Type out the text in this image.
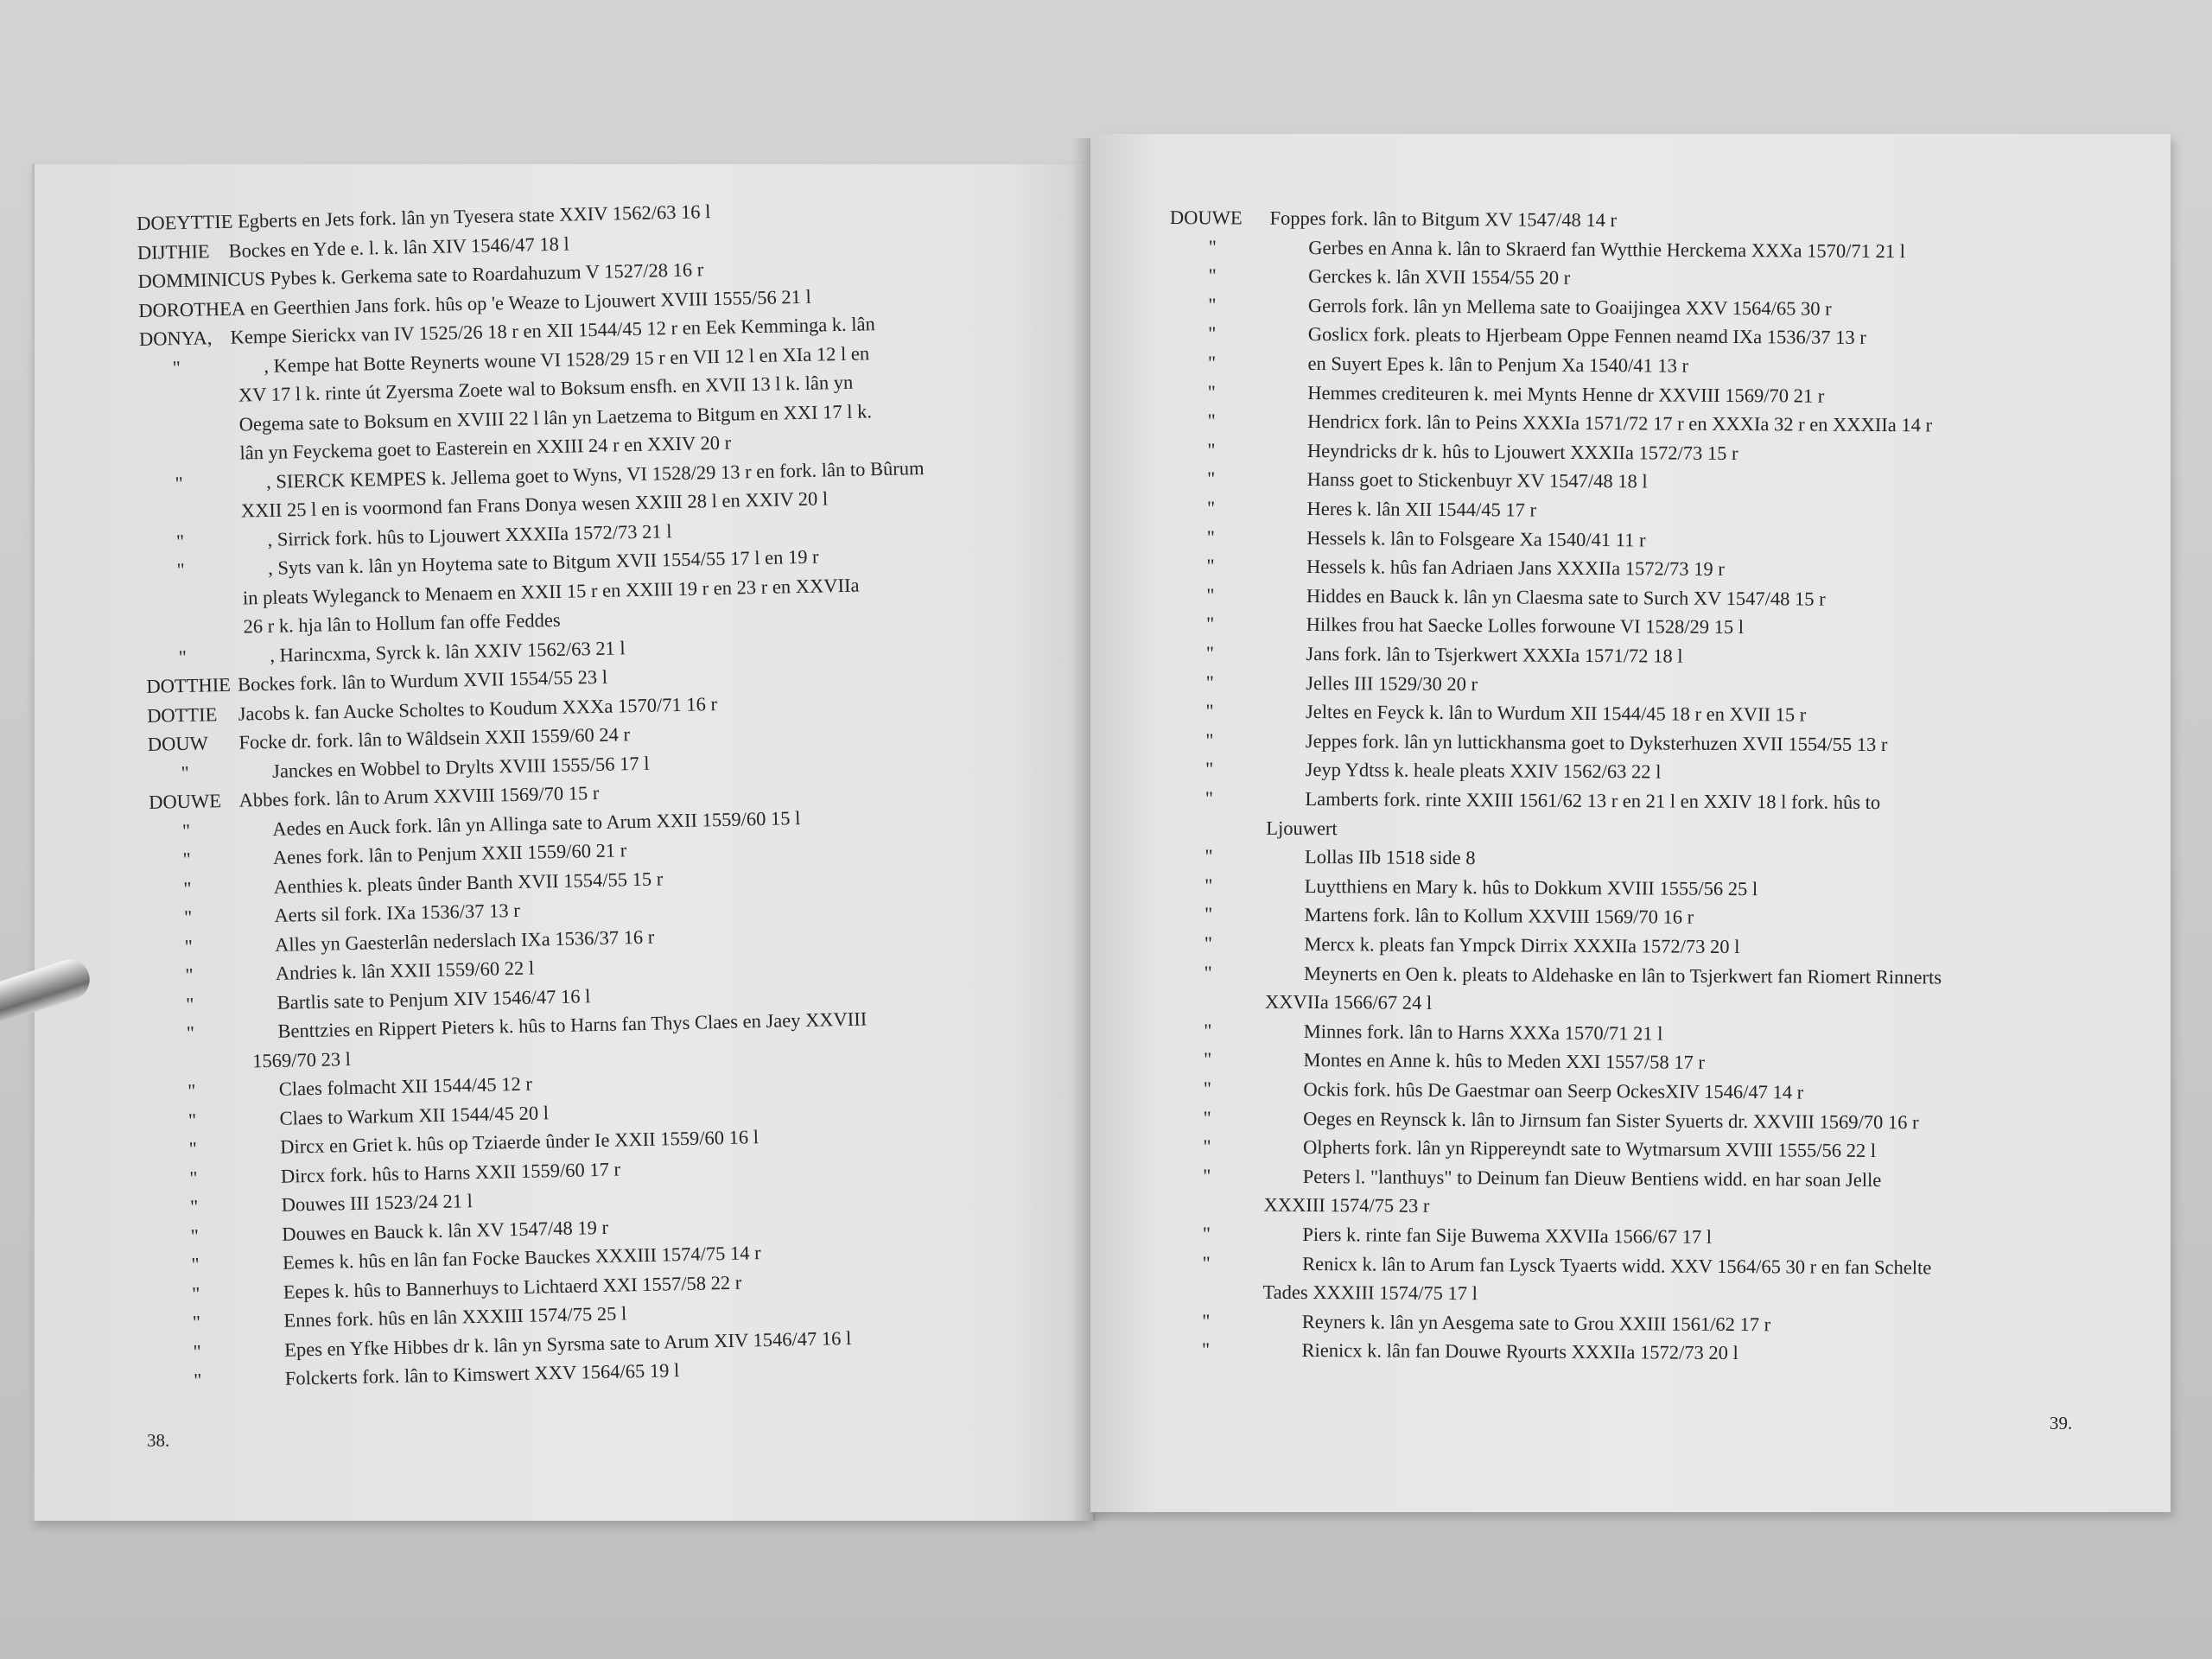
DOEYTTIE Egberts en Jets fork. lân yn Tyesera state XXIV 1562/63 16 l
DIJTHIE Bockes en Yde e. l. k. lân XIV 1546/47 18 l
DOMMINICUS Pybes k. Gerkema sate to Roardahuzum V 1527/28 16 r
DOROTHEA en Geerthien Jans fork. hûs op 'e Weaze to Ljouwert XVIII 1555/56 21 l
DONYA, Kempe Sierickx van IV 1525/26 18 r en XII 1544/45 12 r en Eek Kemminga k. lân
"	, Kempe hat Botte Reynerts woune VI 1528/29 15 r en VII 12 l en XIa 12 l en
XV 17 l k. rinte út Zyersma Zoete wal to Boksum ensfh. en XVII 13 l k. lân yn
Oegema sate to Boksum en XVIII 22 l lân yn Laetzema to Bitgum en XXI 17 l k.
lân yn Feyckema goet to Easterein en XXIII 24 r en XXIV 20 r
"	, SIERCK KEMPES k. Jellema goet to Wyns, VI 1528/29 13 r en fork. lân to Bûrum
XXII 25 l en is voormond fan Frans Donya wesen XXIII 28 l en XXIV 20 l
"	, Sirrick fork. hûs to Ljouwert XXXIIa 1572/73 21 l
"	, Syts van k. lân yn Hoytema sate to Bitgum XVII 1554/55 17 l en 19 r
in pleats Wyleganck to Menaem en XXII 15 r en XXIII 19 r en 23 r en XXVIIa
26 r k. hja lân to Hollum fan offe Feddes
"	, Harincxma, Syrck k. lân XXIV 1562/63 21 l
DOTTHIE Bockes fork. lân to Wurdum XVII 1554/55 23 l
DOTTIE Jacobs k. fan Aucke Scholtes to Koudum XXXa 1570/71 16 r
DOUW Focke dr. fork. lân to Wâldsein XXII 1559/60 24 r
"	Janckes en Wobbel to Drylts XVIII 1555/56 17 l
DOUWE Abbes fork. lân to Arum XXVIII 1569/70 15 r
"	Aedes en Auck fork. lân yn Allinga sate to Arum XXII 1559/60 15 l
"	Aenes fork. lân to Penjum XXII 1559/60 21 r
"	Aenthies k. pleats ûnder Banth XVII 1554/55 15 r
"	Aerts sil fork. IXa 1536/37 13 r
"	Alles yn Gaesterlân nederslach IXa 1536/37 16 r
"	Andries k. lân XXII 1559/60 22 l
"	Bartlis sate to Penjum XIV 1546/47 16 l
"	Benttzies en Rippert Pieters k. hûs to Harns fan Thys Claes en Jaey XXVIII
1569/70 23 l
"	Claes folmacht XII 1544/45 12 r
"	Claes to Warkum XII 1544/45 20 l
"	Dircx en Griet k. hûs op Tziaerde ûnder Ie XXII 1559/60 16 l
"	Dircx fork. hûs to Harns XXII 1559/60 17 r
"	Douwes III 1523/24 21 l
"	Douwes en Bauck k. lân XV 1547/48 19 r
"	Eemes k. hûs en lân fan Focke Bauckes XXXIII 1574/75 14 r
"	Eepes k. hûs to Bannerhuys to Lichtaerd XXI 1557/58 22 r
"	Ennes fork. hûs en lân XXXIII 1574/75 25 l
"	Epes en Yfke Hibbes dr k. lân yn Syrsma sate to Arum XIV 1546/47 16 l
"	Folckerts fork. lân to Kimswert XXV 1564/65 19 l
38.
DOUWE Foppes fork. lân to Bitgum XV 1547/48 14 r
"	Gerbes en Anna k. lân to Skraerd fan Wytthie Herckema XXXa 1570/71 21 l
"	Gerckes k. lân XVII 1554/55 20 r
"	Gerrols fork. lân yn Mellema sate to Goaijingea XXV 1564/65 30 r
"	Goslicx fork. pleats to Hjerbeam Oppe Fennen neamd IXa 1536/37 13 r
"	en Suyert Epes k. lân to Penjum Xa 1540/41 13 r
"	Hemmes crediteuren k. mei Mynts Henne dr XXVIII 1569/70 21 r
"	Hendricx fork. lân to Peins XXXIa 1571/72 17 r en XXXIa 32 r en XXXIIa 14 r
"	Heyndricks dr k. hûs to Ljouwert XXXIIa 1572/73 15 r
"	Hanss goet to Stickenbuyr XV 1547/48 18 l
"	Heres k. lân XII 1544/45 17 r
"	Hessels k. lân to Folsgeare Xa 1540/41 11 r
"	Hessels k. hûs fan Adriaen Jans XXXIIa 1572/73 19 r
"	Hiddes en Bauck k. lân yn Claesma sate to Surch XV 1547/48 15 r
"	Hilkes frou hat Saecke Lolles forwoune VI 1528/29 15 l
"	Jans fork. lân to Tsjerkwert XXXIa 1571/72 18 l
"	Jelles III 1529/30 20 r
"	Jeltes en Feyck k. lân to Wurdum XII 1544/45 18 r en XVII 15 r
"	Jeppes fork. lân yn luttickhansma goet to Dyksterhuzen XVII 1554/55 13 r
"	Jeyp Ydtss k. heale pleats XXIV 1562/63 22 l
"	Lamberts fork. rinte XXIII 1561/62 13 r en 21 l en XXIV 18 l fork. hûs to
Ljouwert
"	Lollas IIb 1518 side 8
"	Luytthiens en Mary k. hûs to Dokkum XVIII 1555/56 25 l
"	Martens fork. lân to Kollum XXVIII 1569/70 16 r
"	Mercx k. pleats fan Ympck Dirrix XXXIIa 1572/73 20 l
"	Meynerts en Oen k. pleats to Aldehaske en lân to Tsjerkwert fan Riomert Rinnerts
XXVIIa 1566/67 24 l
"	Minnes fork. lân to Harns XXXa 1570/71 21 l
"	Montes en Anne k. hûs to Meden XXI 1557/58 17 r
"	Ockis fork. hûs De Gaestmar oan Seerp OckesXIV 1546/47 14 r
"	Oeges en Reynsck k. lân to Jirnsum fan Sister Syuerts dr. XXVIII 1569/70 16 r
"	Olpherts fork. lân yn Rippereyndt sate to Wytmarsum XVIII 1555/56 22 l
"	Peters l. "lanthuys" to Deinum fan Dieuw Bentiens widd. en har soan Jelle
XXXIII 1574/75 23 r
"	Piers k. rinte fan Sije Buwema XXVIIa 1566/67 17 l
"	Renicx k. lân to Arum fan Lysck Tyaerts widd. XXV 1564/65 30 r en fan Schelte
Tades XXXIII 1574/75 17 l
"	Reyners k. lân yn Aesgema sate to Grou XXIII 1561/62 17 r
"	Rienicx k. lân fan Douwe Ryourts XXXIIa 1572/73 20 l
39.
